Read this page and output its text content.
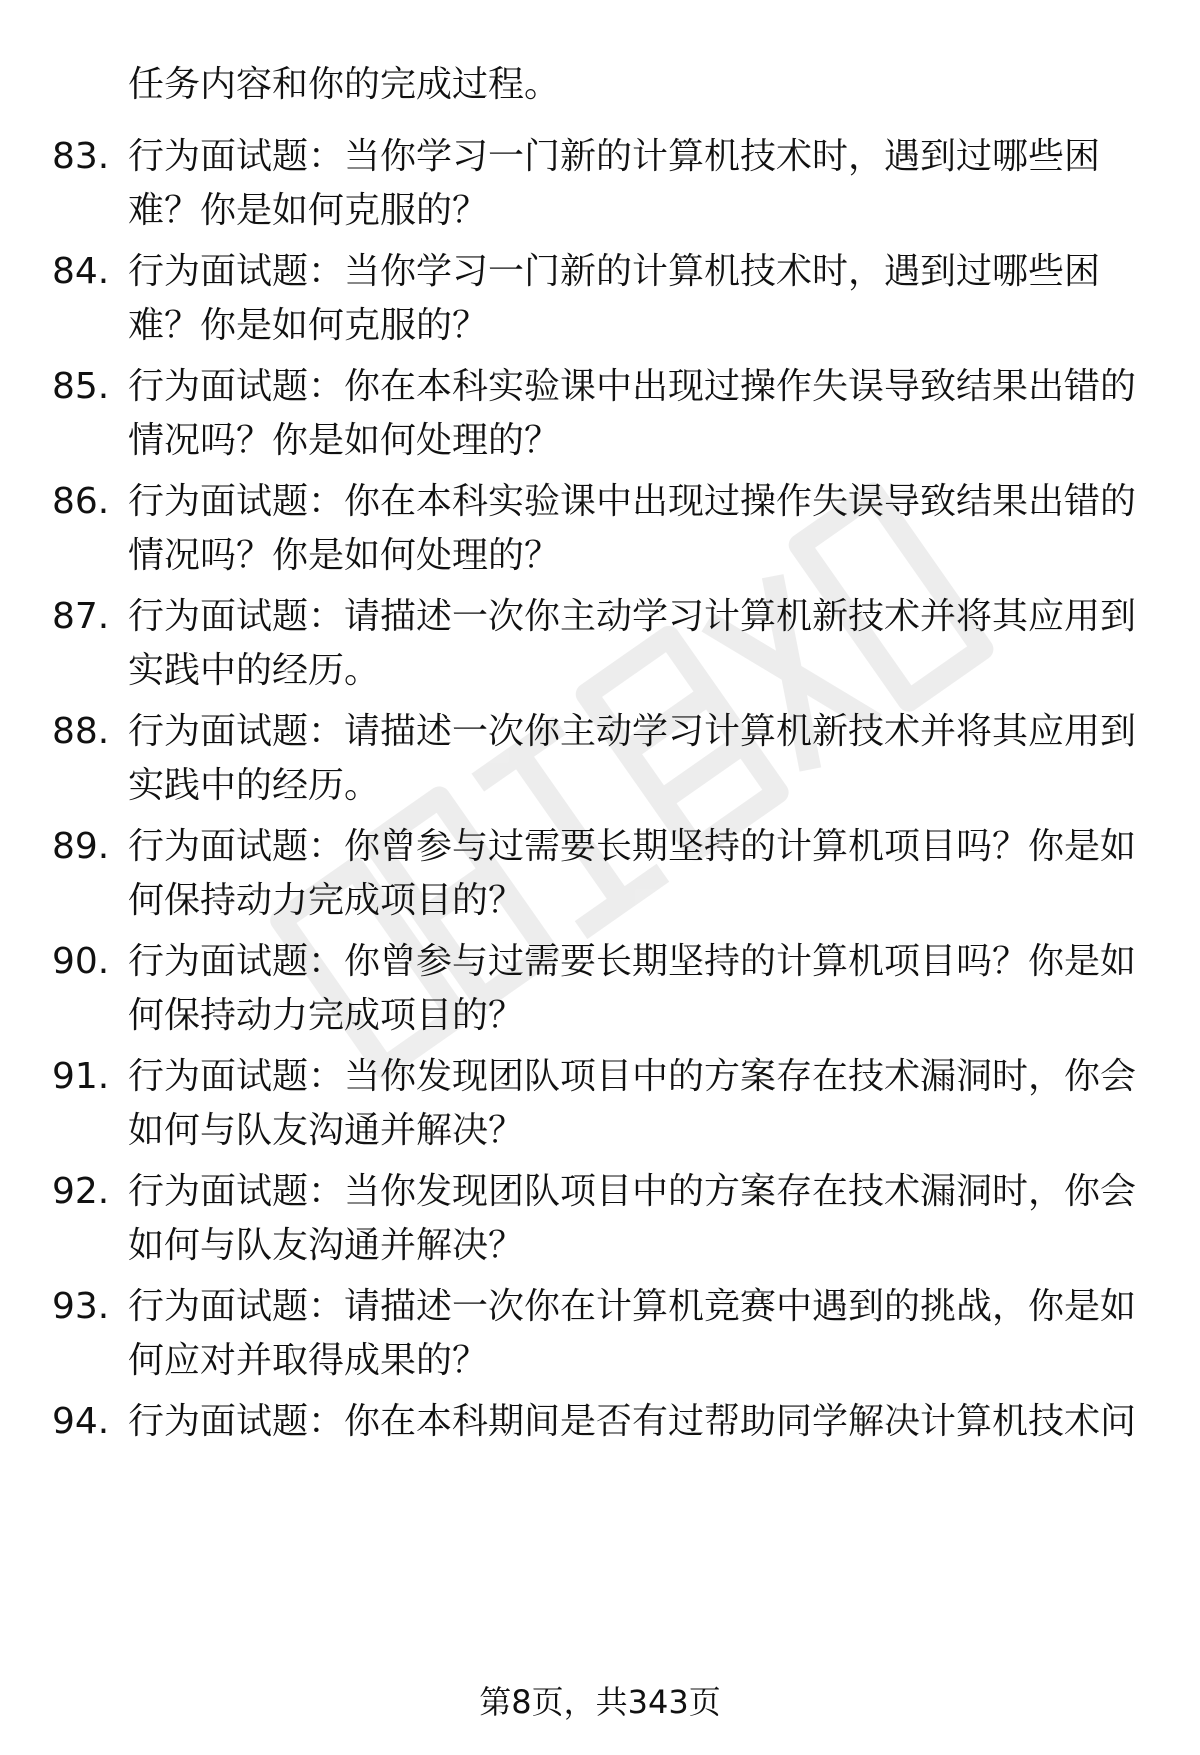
任务内容和你的完成过程。
83. 行为面试题：当你学习一门新的计算机技术时，遇到过哪些困
难？你是如何克服的？
84. 行为面试题：当你学习一门新的计算机技术时，遇到过哪些困
难？你是如何克服的？
85. 行为面试题：你在本科实验课中出现过操作失误导致结果出错的
情况吗？你是如何处理的？
86. 行为面试题：你在本科实验课中出现过操作失误导致结果出错的
情况吗？你是如何处理的？
87. 行为面试题：请描述一次你主动学习计算机新技术并将其应用到
实践中的经历。
88. 行为面试题：请描述一次你主动学习计算机新技术并将其应用到
实践中的经历。
89. 行为面试题：你曾参与过需要长期坚持的计算机项目吗？你是如
何保持动力完成项目的？
90. 行为面试题：你曾参与过需要长期坚持的计算机项目吗？你是如
何保持动力完成项目的？
91. 行为面试题：当你发现团队项目中的方案存在技术漏洞时，你会
如何与队友沟通并解决？
92. 行为面试题：当你发现团队项目中的方案存在技术漏洞时，你会
如何与队友沟通并解决？
93. 行为面试题：请描述一次你在计算机竞赛中遇到的挑战，你是如
何应对并取得成果的？
94. 行为面试题：你在本科期间是否有过帮助同学解决计算机技术问
第8页，共343页
